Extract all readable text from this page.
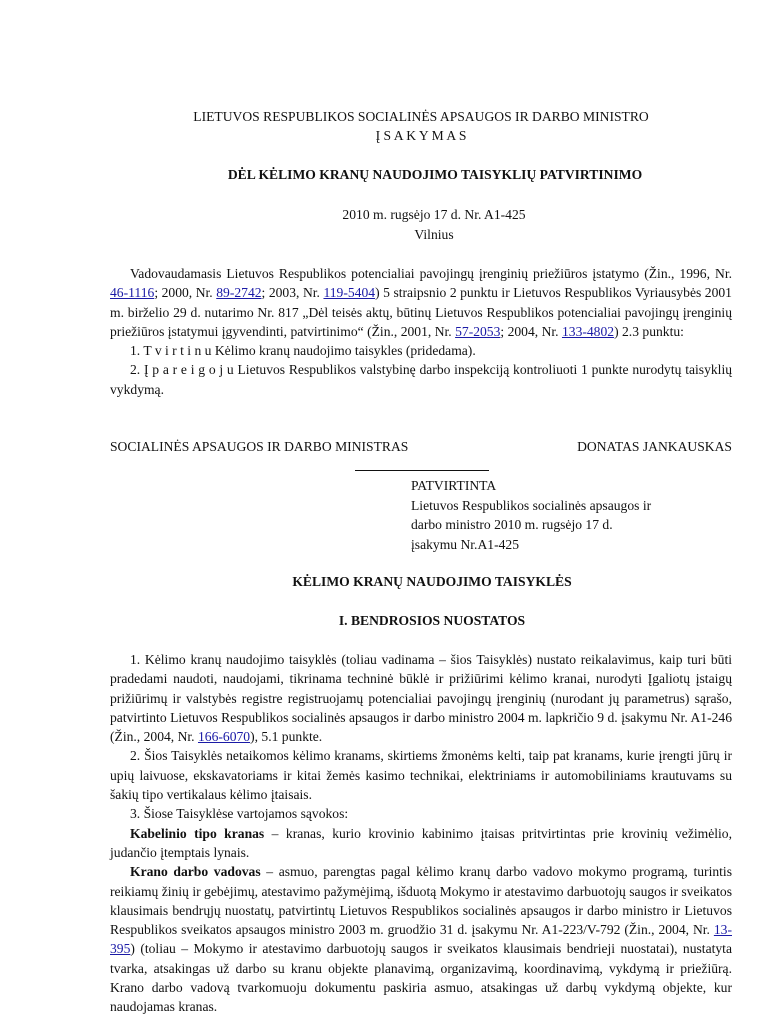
LIETUVOS RESPUBLIKOS SOCIALINĖS APSAUGOS IR DARBO MINISTRO
Į S A K Y M A S
DĖL KĖLIMO KRANŲ NAUDOJIMO TAISYKLIŲ PATVIRTINIMO
2010 m. rugsėjo 17 d. Nr. A1-425
Vilnius

Vadovaudamasis Lietuvos Respublikos potencialiai pavojingų įrenginių priežiūros įstatymo (Žin., 1996, Nr. 46-1116; 2000, Nr. 89-2742; 2003, Nr. 119-5404) 5 straipsnio 2 punktu ir Lietuvos Respublikos Vyriausybės 2001 m. birželio 29 d. nutarimo Nr. 817 „Dėl teisės aktų, būtinų Lietuvos Respublikos potencialiai pavojingų įrenginių priežiūros įstatymui įgyvendinti, patvirtinimo“ (Žin., 2001, Nr. 57-2053; 2004, Nr. 133-4802) 2.3 punktu:

1. T v i r t i n u Kėlimo kranų naudojimo taisykles (pridedama).

2. Į p a r e i g o j u Lietuvos Respublikos valstybinę darbo inspekciją kontroliuoti 1 punkte nurodytų taisyklių vykdymą.

SOCIALINĖS APSAUGOS IR DARBO MINISTRAS	DONATAS JANKAUSKAS
PATVIRTINTA
Lietuvos Respublikos socialinės apsaugos ir
darbo ministro 2010 m. rugsėjo 17 d.
įsakymu Nr.A1-425
KĖLIMO KRANŲ NAUDOJIMO TAISYKLĖS
I. BENDROSIOS NUOSTATOS

1. Kėlimo kranų naudojimo taisyklės (toliau vadinama – šios Taisyklės) nustato reikalavimus, kaip turi būti pradedami naudoti, naudojami, tikrinama techninė būklė ir prižiūrimi kėlimo kranai, nurodyti Įgaliotų įstaigų prižiūrimų ir valstybės registre registruojamų potencialiai pavojingų įrenginių (nurodant jų parametrus) sąrašo, patvirtinto Lietuvos Respublikos socialinės apsaugos ir darbo ministro 2004 m. lapkričio 9 d. įsakymu Nr. A1-246 (Žin., 2004, Nr. 166-6070), 5.1 punkte.

2. Šios Taisyklės netaikomos kėlimo kranams, skirtiems žmonėms kelti, taip pat kranams, kurie įrengti jūrų ir upių laivuose, ekskavatoriams ir kitai žemės kasimo technikai, elektriniams ir automobiliniams krautuvams su šakių tipo vertikalaus kėlimo įtaisais.

3. Šiose Taisyklėse vartojamos sąvokos:

Kabelinio tipo kranas – kranas, kurio krovinio kabinimo įtaisas pritvirtintas prie krovinių vežimėlio, judančio įtemptais lynais.

Krano darbo vadovas – asmuo, parengtas pagal kėlimo kranų darbo vadovo mokymo programą, turintis reikiamų žinių ir gebėjimų, atestavimo pažymėjimą, išduotą Mokymo ir atestavimo darbuotojų saugos ir sveikatos klausimais bendrųjų nuostatų, patvirtintų Lietuvos Respublikos socialinės apsaugos ir darbo ministro ir Lietuvos Respublikos sveikatos apsaugos ministro 2003 m. gruodžio 31 d. įsakymu Nr. A1-223/V-792 (Žin., 2004, Nr. 13-395) (toliau – Mokymo ir atestavimo darbuotojų saugos ir sveikatos klausimais bendrieji nuostatai), nustatyta tvarka, atsakingas už darbo su kranu objekte planavimą, organizavimą, koordinavimą, vykdymą ir priežiūrą. Krano darbo vadovą tvarkomuoju dokumentu paskiria asmuo, atsakingas už darbų vykdymą objekte, kur naudojamas kranas.
